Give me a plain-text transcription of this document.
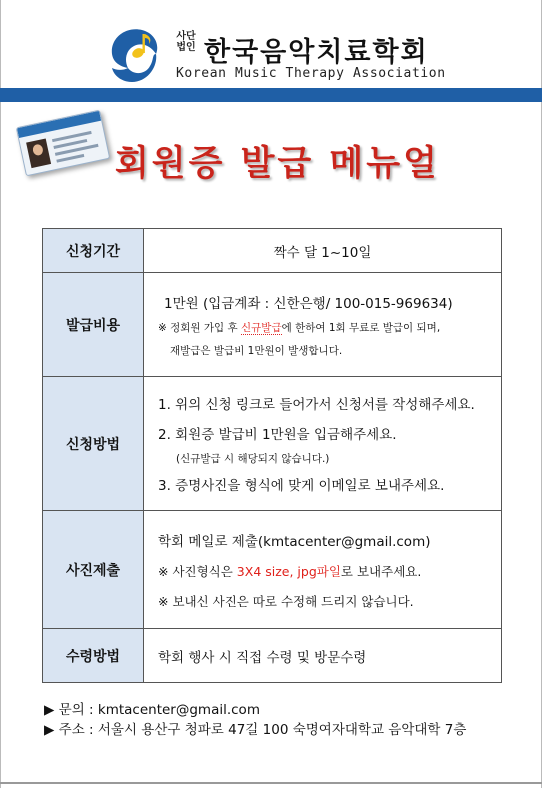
사단
법인 한국음악치료학회
Korean Music Therapy Association
회원증 발급 메뉴얼
신청기간	짝수 달 1~10일
발급비용	1만원 (입금계좌 : 신한은행/ 100-015-969634)
※ 정회원 가입 후 신규발급에 한하여 1회 무료로 발급이 되며,
재발급은 발급비 1만원이 발생합니다.

신청방법	1. 위의 신청 링크로 들어가서 신청서를 작성해주세요.
2. 회원증 발급비 1만원을 입금해주세요.
(신규발급 시 해당되지 않습니다.)
3. 증명사진을 형식에 맞게 이메일로 보내주세요.

사진제출	학회 메일로 제출(kmtacenter@gmail.com)
※ 사진형식은 3X4 size, jpg파일로 보내주세요.
※ 보내신 사진은 따로 수정해 드리지 않습니다.

수령방법	학회 행사 시 직접 수령 및 방문수령
▶ 문의 : kmtacenter@gmail.com
▶ 주소 : 서울시 용산구 청파로 47길 100 숙명여자대학교 음악대학 7층
